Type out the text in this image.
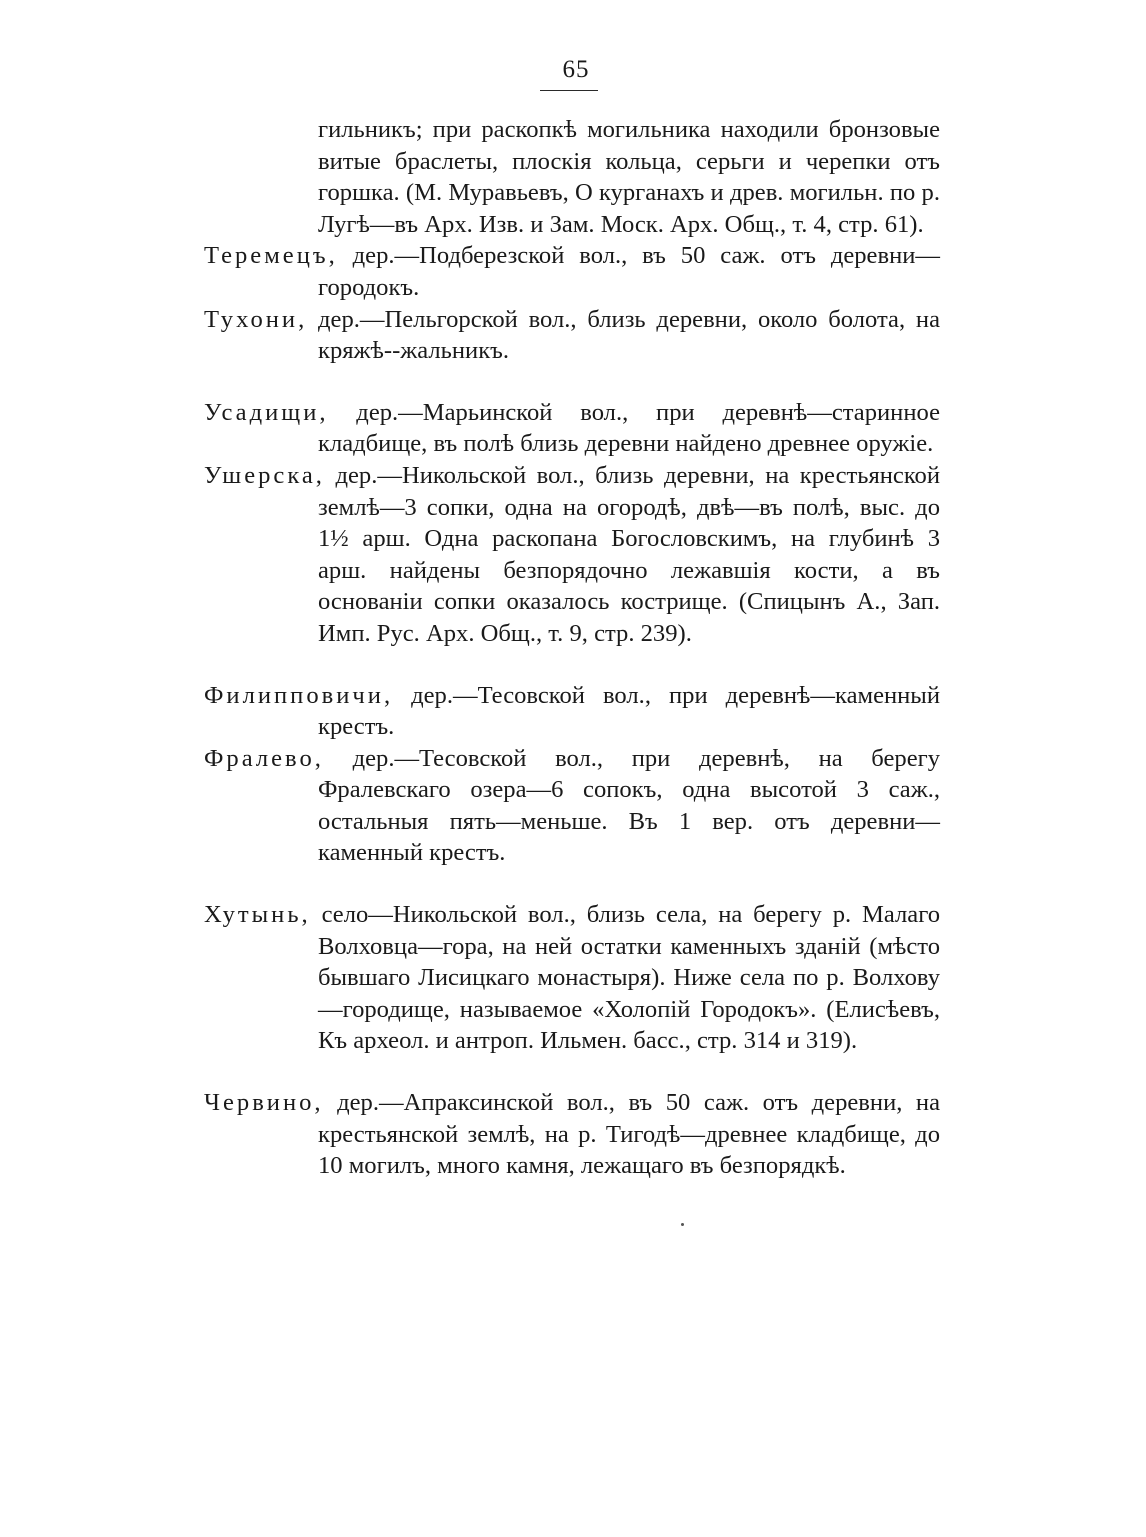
65

гильникъ; при раскопкѣ могильника находили бронзовые витые браслеты, плоскія кольца, серьги и черепки отъ горшка. (М. Муравьевъ, О курганахъ и древ. могильн. по р. Лугѣ—въ Арх. Изв. и Зам. Моск. Арх. Общ., т. 4, стр. 61).

Теремецъ, дер.—Подберезской вол., въ 50 саж. отъ деревни—городокъ.

Тухони, дер.—Пельгорской вол., близь деревни, около болота, на кряжѣ--жальникъ.

Усадищи, дер.—Марьинской вол., при деревнѣ—старинное кладбище, въ полѣ близь деревни найдено древнее оружіе.

Ушерска, дер.—Никольской вол., близь деревни, на крестьянской землѣ—3 сопки, одна на огородѣ, двѣ—въ полѣ, выс. до 1½ арш. Одна раскопана Богословскимъ, на глубинѣ 3 арш. найдены безпорядочно лежавшія кости, а въ основаніи сопки оказалось кострище. (Спицынъ А., Зап. Имп. Рус. Арх. Общ., т. 9, стр. 239).

Филипповичи, дер.—Тесовской вол., при деревнѣ—каменный крестъ.

Фралево, дер.—Тесовской вол., при деревнѣ, на берегу Фралевскаго озера—6 сопокъ, одна высотой 3 саж., остальныя пять—меньше. Въ 1 вер. отъ деревни—каменный крестъ.

Хутынь, село—Никольской вол., близь села, на берегу р. Малаго Волховца—гора, на ней остатки каменныхъ зданій (мѣсто бывшаго Лисицкаго монастыря). Ниже села по р. Волхову—городище, называемое «Холопій Городокъ». (Елисѣевъ, Къ археол. и антроп. Ильмен. басс., стр. 314 и 319).

Червино, дер.—Апраксинской вол., въ 50 саж. отъ деревни, на крестьянской землѣ, на р. Тигодѣ—древнее кладбище, до 10 могилъ, много камня, лежащаго въ безпорядкѣ.
